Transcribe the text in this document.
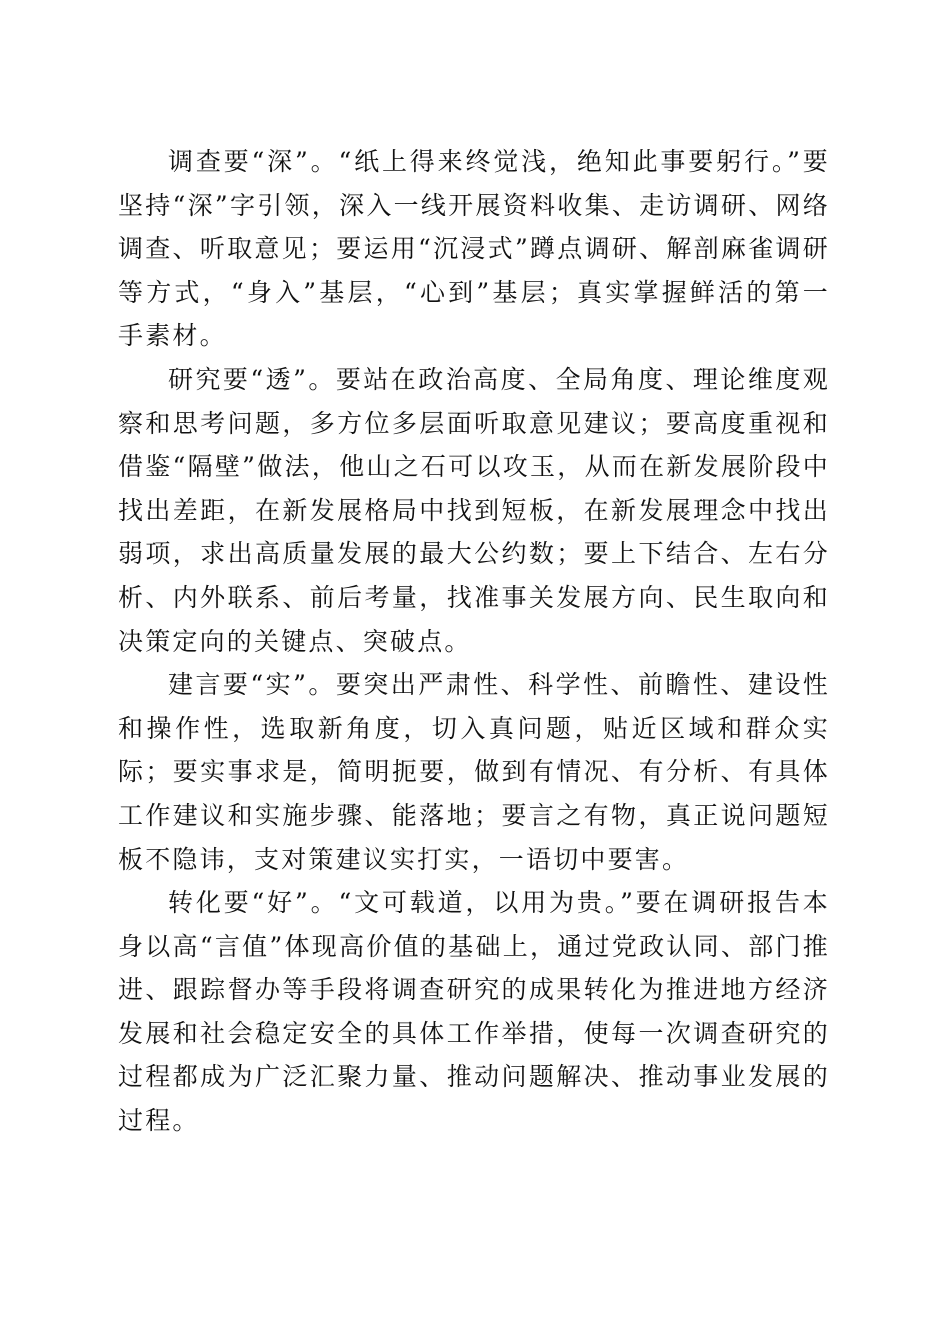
调查要“深”。“纸上得来终觉浅，绝知此事要躬行。”要坚持“深”字引领，深入一线开展资料收集、走访调研、网络调查、听取意见；要运用“沉浸式”蹲点调研、解剖麻雀调研等方式，“身入”基层，“心到”基层；真实掌握鲜活的第一手素材。

研究要“透”。要站在政治高度、全局角度、理论维度观察和思考问题，多方位多层面听取意见建议；要高度重视和借鉴“隔壁”做法，他山之石可以攻玉，从而在新发展阶段中找出差距，在新发展格局中找到短板，在新发展理念中找出弱项，求出高质量发展的最大公约数；要上下结合、左右分析、内外联系、前后考量，找准事关发展方向、民生取向和决策定向的关键点、突破点。

建言要“实”。要突出严肃性、科学性、前瞻性、建设性和操作性，选取新角度，切入真问题，贴近区域和群众实际；要实事求是，简明扼要，做到有情况、有分析、有具体工作建议和实施步骤、能落地；要言之有物，真正说问题短板不隐讳，支对策建议实打实，一语切中要害。

转化要“好”。“文可载道，以用为贵。”要在调研报告本身以高“言值”体现高价值的基础上，通过党政认同、部门推进、跟踪督办等手段将调查研究的成果转化为推进地方经济发展和社会稳定安全的具体工作举措，使每一次调查研究的过程都成为广泛汇聚力量、推动问题解决、推动事业发展的过程。
